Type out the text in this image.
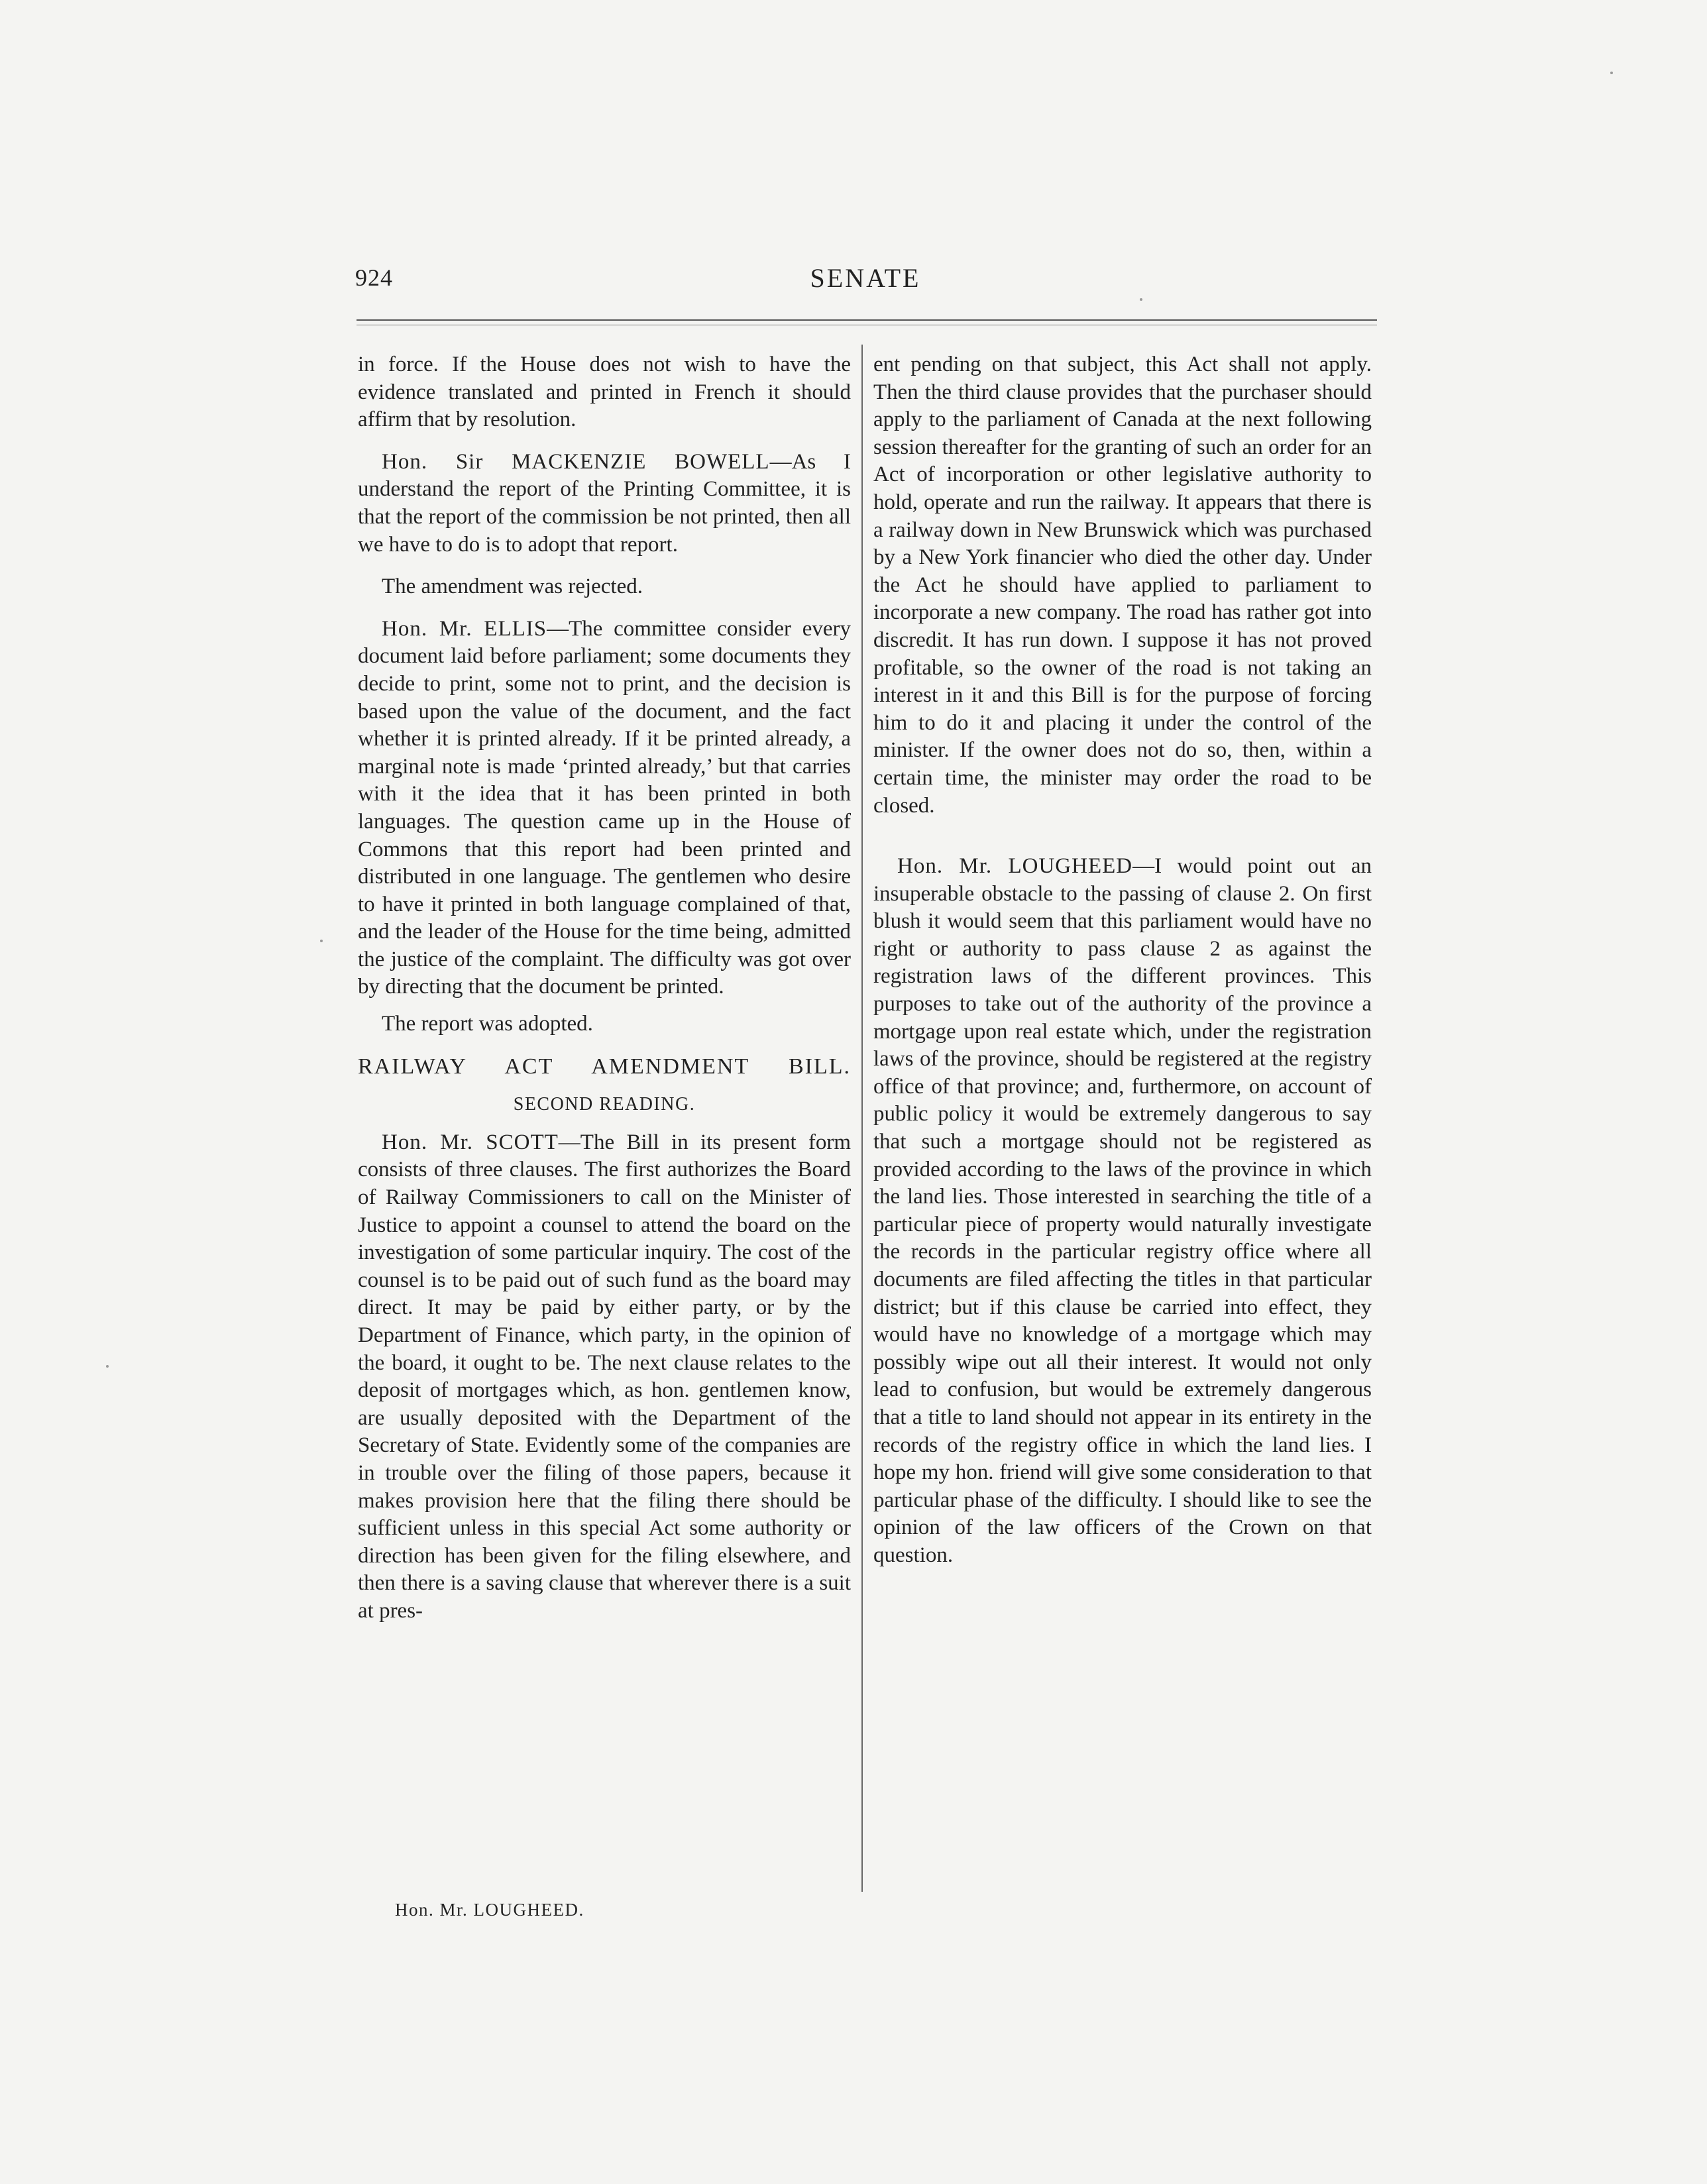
924	SENATE

in force. If the House does not wish to have the evidence translated and printed in French it should affirm that by resolution.

Hon. Sir MACKENZIE BOWELL—As I understand the report of the Printing Committee, it is that the report of the commission be not printed, then all we have to do is to adopt that report.

The amendment was rejected.

Hon. Mr. ELLIS—The committee consider every document laid before parliament; some documents they decide to print, some not to print, and the decision is based upon the value of the document, and the fact whether it is printed already. If it be printed already, a marginal note is made ‘printed already,’ but that carries with it the idea that it has been printed in both languages. The question came up in the House of Commons that this report had been printed and distributed in one language. The gentlemen who desire to have it printed in both language complained of that, and the leader of the House for the time being, admitted the justice of the complaint. The difficulty was got over by directing that the document be printed.

The report was adopted.

RAILWAY ACT AMENDMENT BILL.
SECOND READING.

Hon. Mr. SCOTT—The Bill in its present form consists of three clauses. The first authorizes the Board of Railway Commissioners to call on the Minister of Justice to appoint a counsel to attend the board on the investigation of some particular inquiry. The cost of the counsel is to be paid out of such fund as the board may direct. It may be paid by either party, or by the Department of Finance, which party, in the opinion of the board, it ought to be. The next clause relates to the deposit of mortgages which, as hon. gentlemen know, are usually deposited with the Department of the Secretary of State. Evidently some of the companies are in trouble over the filing of those papers, because it makes provision here that the filing there should be sufficient unless in this special Act some authority or direction has been given for the filing elsewhere, and then there is a saving clause that wherever there is a suit at pres-

ent pending on that subject, this Act shall not apply. Then the third clause provides that the purchaser should apply to the parliament of Canada at the next following session thereafter for the granting of such an order for an Act of incorporation or other legislative authority to hold, operate and run the railway. It appears that there is a railway down in New Brunswick which was purchased by a New York financier who died the other day. Under the Act he should have applied to parliament to incorporate a new company. The road has rather got into discredit. It has run down. I suppose it has not proved profitable, so the owner of the road is not taking an interest in it and this Bill is for the purpose of forcing him to do it and placing it under the control of the minister. If the owner does not do so, then, within a certain time, the minister may order the road to be closed.

Hon. Mr. LOUGHEED—I would point out an insuperable obstacle to the passing of clause 2. On first blush it would seem that this parliament would have no right or authority to pass clause 2 as against the registration laws of the different provinces. This purposes to take out of the authority of the province a mortgage upon real estate which, under the registration laws of the province, should be registered at the registry office of that province; and, furthermore, on account of public policy it would be extremely dangerous to say that such a mortgage should not be registered as provided according to the laws of the province in which the land lies. Those interested in searching the title of a particular piece of property would naturally investigate the records in the particular registry office where all documents are filed affecting the titles in that particular district; but if this clause be carried into effect, they would have no knowledge of a mortgage which may possibly wipe out all their interest. It would not only lead to confusion, but would be extremely dangerous that a title to land should not appear in its entirety in the records of the registry office in which the land lies. I hope my hon. friend will give some consideration to that particular phase of the difficulty. I should like to see the opinion of the law officers of the Crown on that question.

Hon. Mr. LOUGHEED.
